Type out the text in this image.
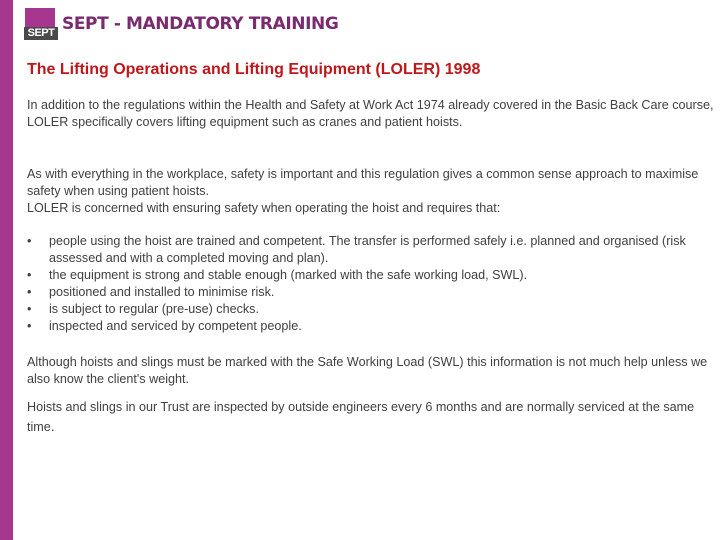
SEPT SEPT - MANDATORY TRAINING
The Lifting Operations and Lifting Equipment (LOLER) 1998

In addition to the regulations within the Health and Safety at Work Act 1974 already covered in the Basic Back Care course, LOLER specifically covers lifting equipment such as cranes and patient hoists.

As with everything in the workplace, safety is important and this regulation gives a common sense approach to maximise safety when using patient hoists.
LOLER is concerned with ensuring safety when operating the hoist and requires that:
• people using the hoist are trained and competent. The transfer is performed safely i.e. planned and organised (risk assessed and with a completed moving and plan).
• the equipment is strong and stable enough (marked with the safe working load, SWL).
• positioned and installed to minimise risk.
• is subject to regular (pre-use) checks.
• inspected and serviced by competent people.

Although hoists and slings must be marked with the Safe Working Load (SWL) this information is not much help unless we also know the client's weight.

Hoists and slings in our Trust are inspected by outside engineers every 6 months and are normally serviced at the same time.
